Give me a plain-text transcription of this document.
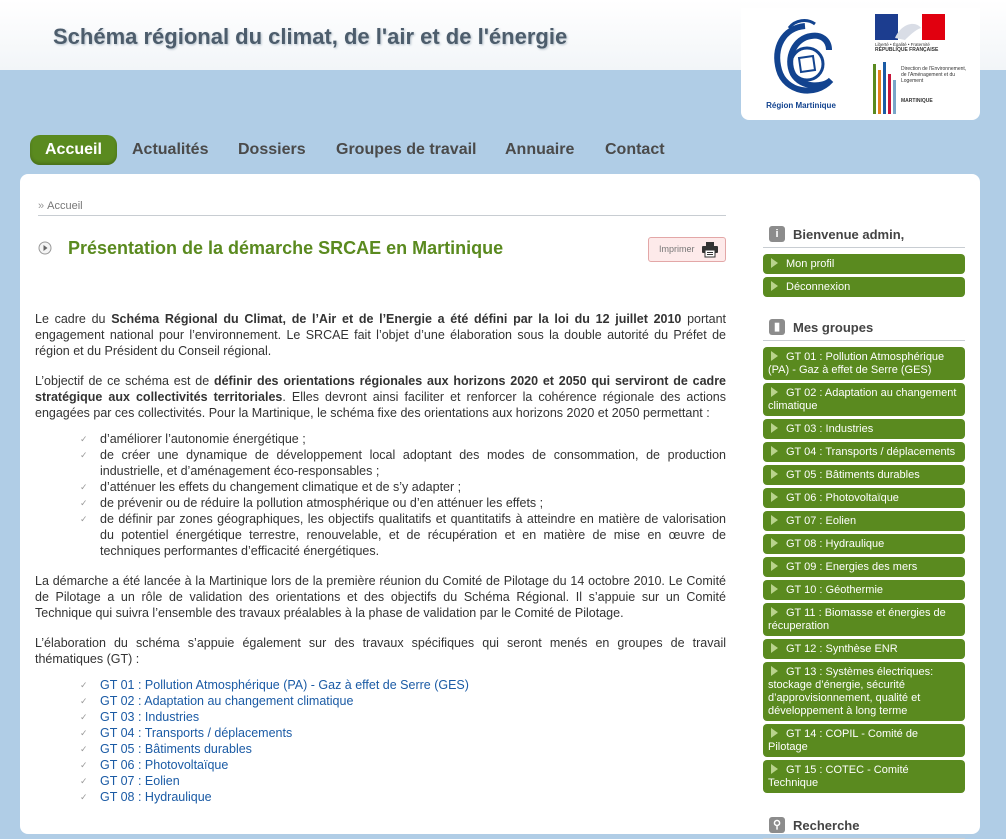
Schéma régional du climat, de l'air et de l'énergie
Région Martinique
Liberté • Égalité • Fraternité
RÉPUBLIQUE FRANÇAISE
Direction de l'Environnement, de l'Aménagement et du Logement
MARTINIQUE
Accueil	Actualités Dossiers Groupes de travail Annuaire Contact
» Accueil
Présentation de la démarche SRCAE en Martinique	Imprimer

Le cadre du Schéma Régional du Climat, de l’Air et de l’Energie a été défini par la loi du 12 juillet 2010 portant engagement national pour l’environnement. Le SRCAE fait l’objet d’une élaboration sous la double autorité du Préfet de région et du Président du Conseil régional.

L’objectif de ce schéma est de définir des orientations régionales aux horizons 2020 et 2050 qui serviront de cadre stratégique aux collectivités territoriales. Elles devront ainsi faciliter et renforcer la cohérence régionale des actions engagées par ces collectivités. Pour la Martinique, le schéma fixe des orientations aux horizons 2020 et 2050 permettant :

✓ d’améliorer l’autonomie énergétique ;
✓ de créer une dynamique de développement local adoptant des modes de consommation, de production industrielle, et d’aménagement éco-responsables ;
✓ d’atténuer les effets du changement climatique et de s’y adapter ;
✓ de prévenir ou de réduire la pollution atmosphérique ou d’en atténuer les effets ;
✓ de définir par zones géographiques, les objectifs qualitatifs et quantitatifs à atteindre en matière de valorisation du potentiel énergétique terrestre, renouvelable, et de récupération et en matière de mise en œuvre de techniques performantes d’efficacité énergétiques.

La démarche a été lancée à la Martinique lors de la première réunion du Comité de Pilotage du 14 octobre 2010. Le Comité de Pilotage a un rôle de validation des orientations et des objectifs du Schéma Régional. Il s’appuie sur un Comité Technique qui suivra l’ensemble des travaux préalables à la phase de validation par le Comité de Pilotage.

L’élaboration du schéma s’appuie également sur des travaux spécifiques qui seront menés en groupes de travail thématiques (GT) :

✓ GT 01 : Pollution Atmosphérique (PA) - Gaz à effet de Serre (GES)
✓ GT 02 : Adaptation au changement climatique
✓ GT 03 : Industries
✓ GT 04 : Transports / déplacements
✓ GT 05 : Bâtiments durables
✓ GT 06 : Photovoltaïque
✓ GT 07 : Eolien
✓ GT 08 : Hydraulique
i	Bienvenue admin,
Mon profil
Déconnexion
▮ Mes groupes
GT 01 : Pollution Atmosphérique (PA) - Gaz à effet de Serre (GES)
GT 02 : Adaptation au changement climatique
GT 03 : Industries
GT 04 : Transports / déplacements
GT 05 : Bâtiments durables
GT 06 : Photovoltaïque
GT 07 : Eolien
GT 08 : Hydraulique
GT 09 : Energies des mers
GT 10 : Géothermie
GT 11 : Biomasse et énergies de récuperation
GT 12 : Synthèse ENR
GT 13 : Systèmes électriques: stockage d’énergie, sécurité d’approvisionnement, qualité et développement à long terme
GT 14 : COPIL - Comité de Pilotage
GT 15 : COTEC - Comité Technique
⚲ Recherche
